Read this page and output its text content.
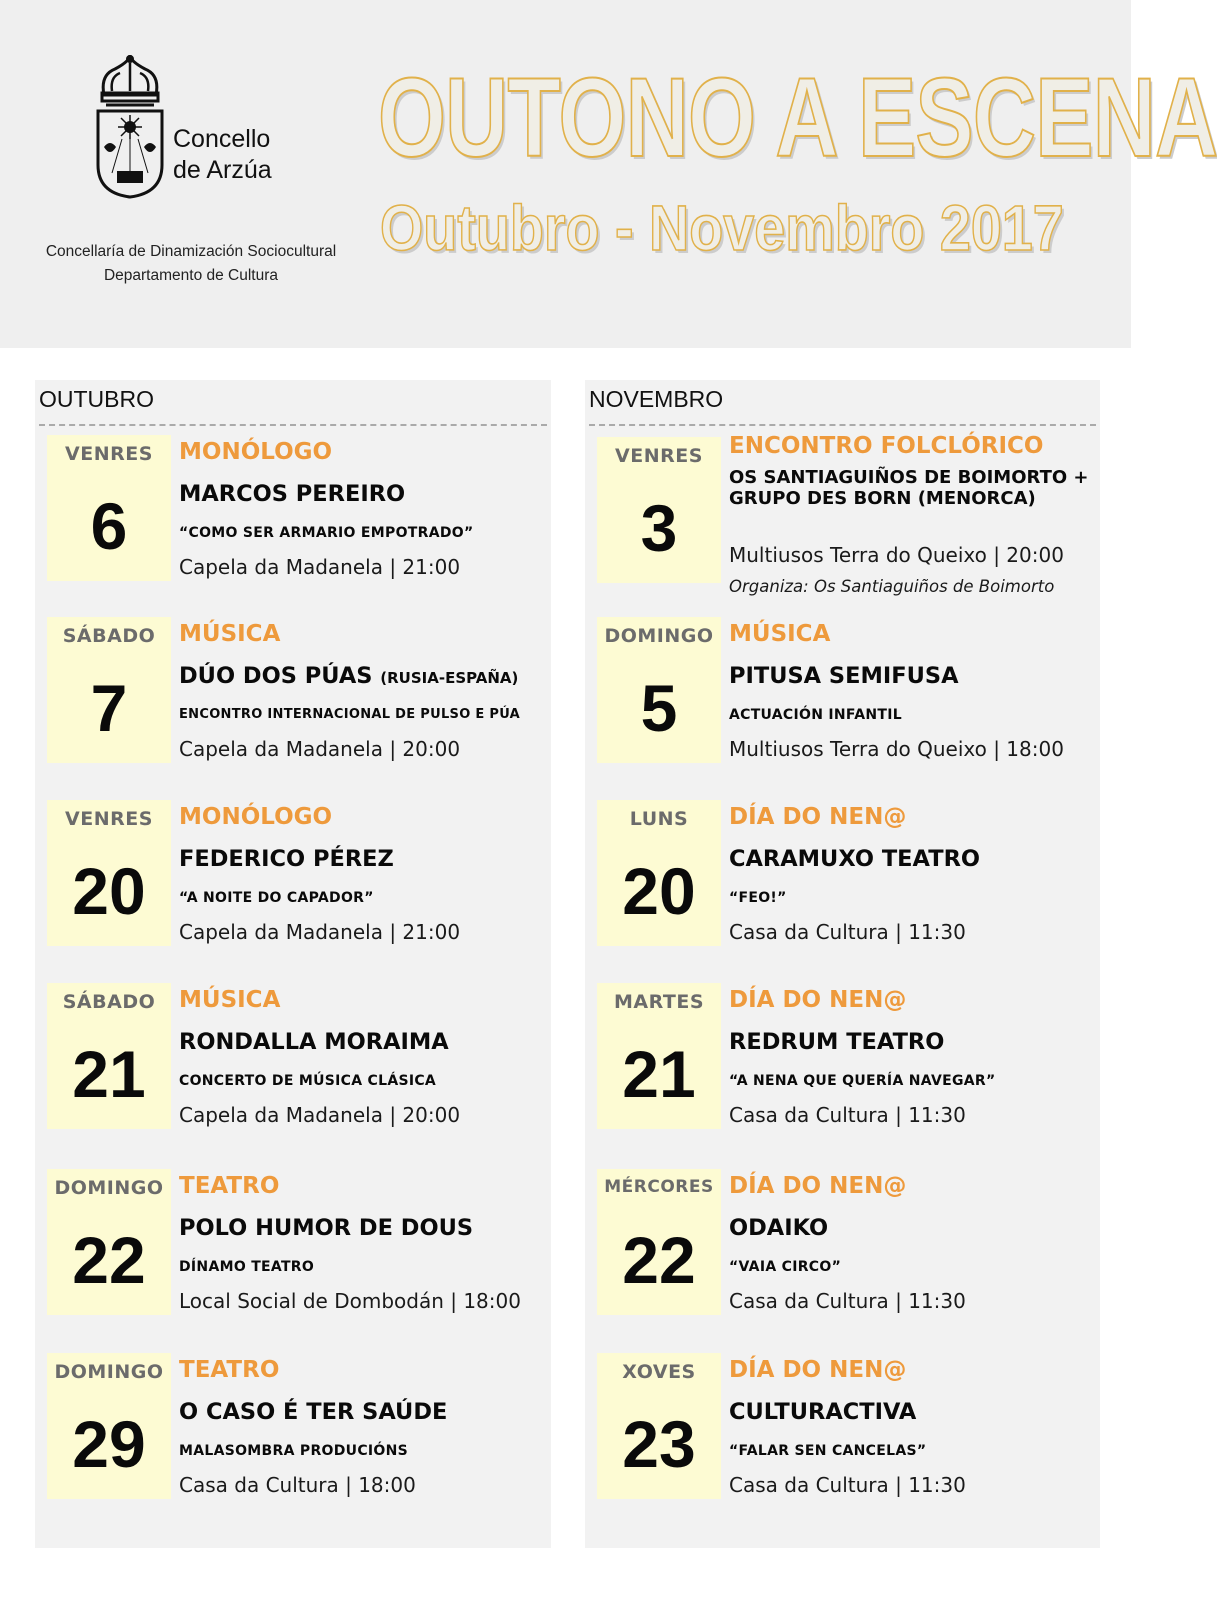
Concello
de Arzúa
Concellaría de Dinamización Sociocultural
Departamento de Cultura
OUTONO A ESCENA
Outubro - Novembro 2017
OUTUBRO
VENRES
6
MONÓLOGO
MARCOS PEREIRO
“COMO SER ARMARIO EMPOTRADO”
Capela da Madanela | 21:00
SÁBADO
7
MÚSICA
DÚO DOS PÚAS (RUSIA-ESPAÑA)
ENCONTRO INTERNACIONAL DE PULSO E PÚA
Capela da Madanela | 20:00
VENRES
20
MONÓLOGO
FEDERICO PÉREZ
“A NOITE DO CAPADOR”
Capela da Madanela | 21:00
SÁBADO
21
MÚSICA
RONDALLA MORAIMA
CONCERTO DE MÚSICA CLÁSICA
Capela da Madanela | 20:00
DOMINGO
22
TEATRO
POLO HUMOR DE DOUS
DÍNAMO TEATRO
Local Social de Dombodán | 18:00
DOMINGO
29
TEATRO
O CASO É TER SAÚDE
MALASOMBRA PRODUCIÓNS
Casa da Cultura | 18:00
NOVEMBRO
VENRES
3
ENCONTRO FOLCLÓRICO
OS SANTIAGUIÑOS DE BOIMORTO + GRUPO DES BORN (MENORCA)
Multiusos Terra do Queixo | 20:00
Organiza: Os Santiaguiños de Boimorto
DOMINGO
5
MÚSICA
PITUSA SEMIFUSA
ACTUACIÓN INFANTIL
Multiusos Terra do Queixo | 18:00
LUNS
20
DÍA DO NEN@
CARAMUXO TEATRO
“FEO!”
Casa da Cultura | 11:30
MARTES
21
DÍA DO NEN@
REDRUM TEATRO
“A NENA QUE QUERÍA NAVEGAR”
Casa da Cultura | 11:30
MÉRCORES
22
DÍA DO NEN@
ODAIKO
“VAIA CIRCO”
Casa da Cultura | 11:30
XOVES
23
DÍA DO NEN@
CULTURACTIVA
“FALAR SEN CANCELAS”
Casa da Cultura | 11:30
